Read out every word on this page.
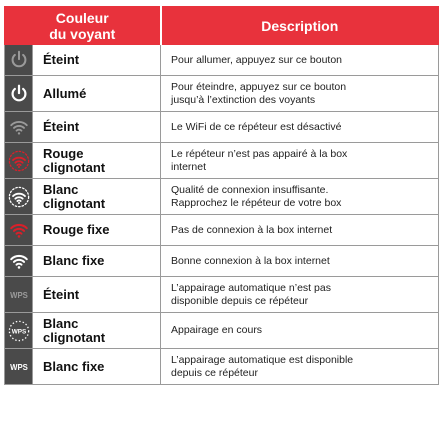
Couleur
du voyant		Description

	Éteint	Pour allumer, appuyez sur ce bouton

	Allumé	Pour éteindre, appuyez sur ce bouton
jusqu’à l’extinction des voyants

	Éteint	Le WiFi de ce répéteur est désactivé

	Rouge
clignotant	Le répéteur n’est pas appairé à la box
internet

	Blanc
clignotant	Qualité de connexion insuffisante.
Rapprochez le répéteur de votre box

	Rouge fixe	Pas de connexion à la box internet

	Blanc fixe	Bonne connexion à la box internet

WPS	Éteint	L’appairage automatique n’est pas
disponible depuis ce répéteur

WPS	Blanc
clignotant	Appairage en cours

WPS	Blanc fixe	L’appairage automatique est disponible
depuis ce répéteur
